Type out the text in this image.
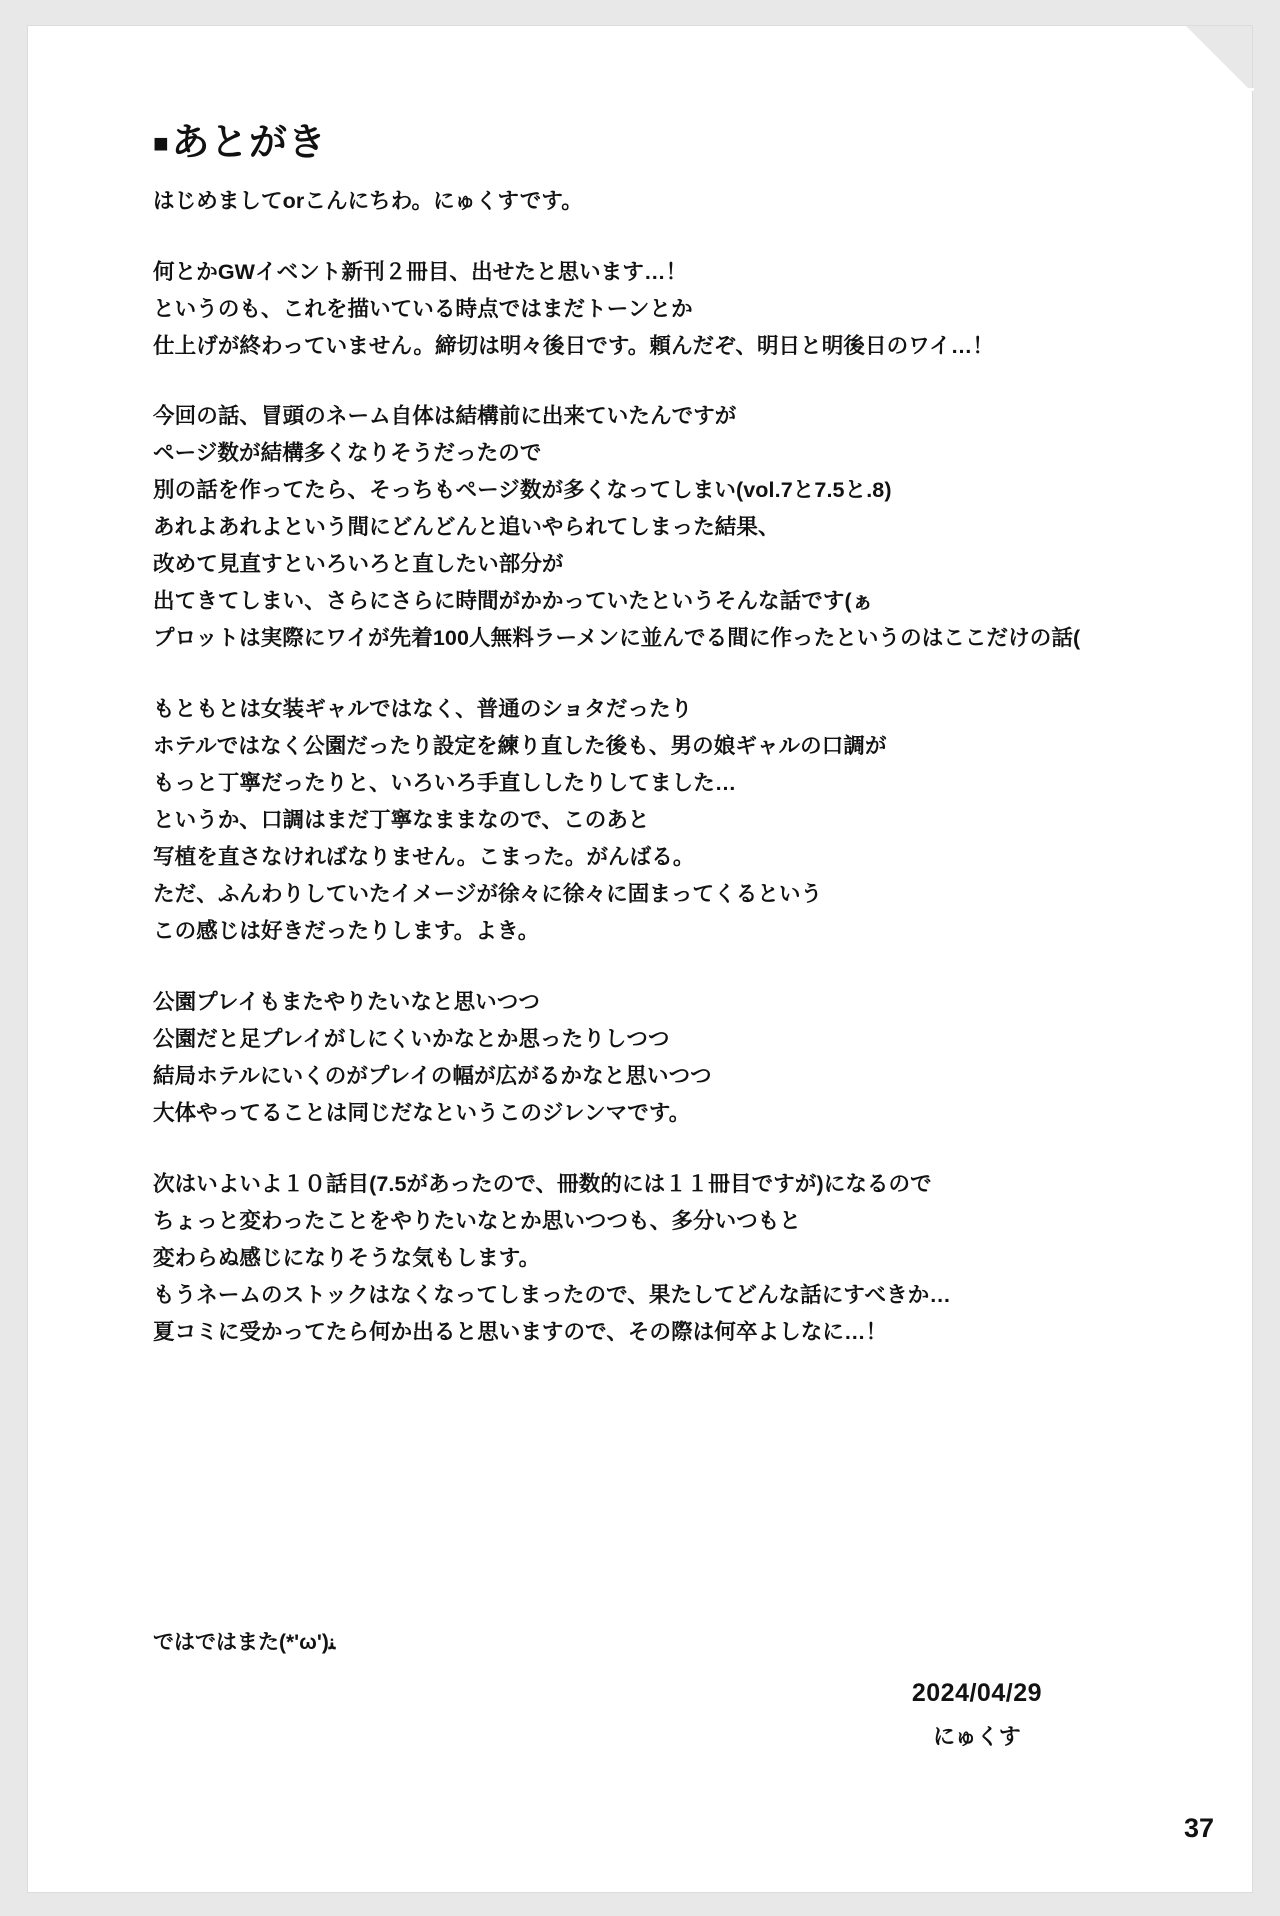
■あとがき

はじめましてorこんにちわ。にゅくすです。

何とかGWイベント新刊２冊目、出せたと思います…！
というのも、これを描いている時点ではまだトーンとか
仕上げが終わっていません。締切は明々後日です。頼んだぞ、明日と明後日のワイ…！

今回の話、冒頭のネーム自体は結構前に出来ていたんですが
ページ数が結構多くなりそうだったので
別の話を作ってたら、そっちもページ数が多くなってしまい(vol.7と7.5と.8)
あれよあれよという間にどんどんと追いやられてしまった結果、
改めて見直すといろいろと直したい部分が
出てきてしまい、さらにさらに時間がかかっていたというそんな話です(ぁ
プロットは実際にワイが先着100人無料ラーメンに並んでる間に作ったというのはここだけの話(

もともとは女装ギャルではなく、普通のショタだったり
ホテルではなく公園だったり設定を練り直した後も、男の娘ギャルの口調が
もっと丁寧だったりと、いろいろ手直ししたりしてました…
というか、口調はまだ丁寧なままなので、このあと
写植を直さなければなりません。こまった。がんばる。
ただ、ふんわりしていたイメージが徐々に徐々に固まってくるという
この感じは好きだったりします。よき。

公園プレイもまたやりたいなと思いつつ
公園だと足プレイがしにくいかなとか思ったりしつつ
結局ホテルにいくのがプレイの幅が広がるかなと思いつつ
大体やってることは同じだなというこのジレンマです。

次はいよいよ１０話目(7.5があったので、冊数的には１１冊目ですが)になるので
ちょっと変わったことをやりたいなとか思いつつも、多分いつもと
変わらぬ感じになりそうな気もします。
もうネームのストックはなくなってしまったので、果たしてどんな話にすべきか…
夏コミに受かってたら何か出ると思いますので、その際は何卒よしなに…！

ではではまた(*'ω')ﻨ
2024/04/29
にゅくす
37
